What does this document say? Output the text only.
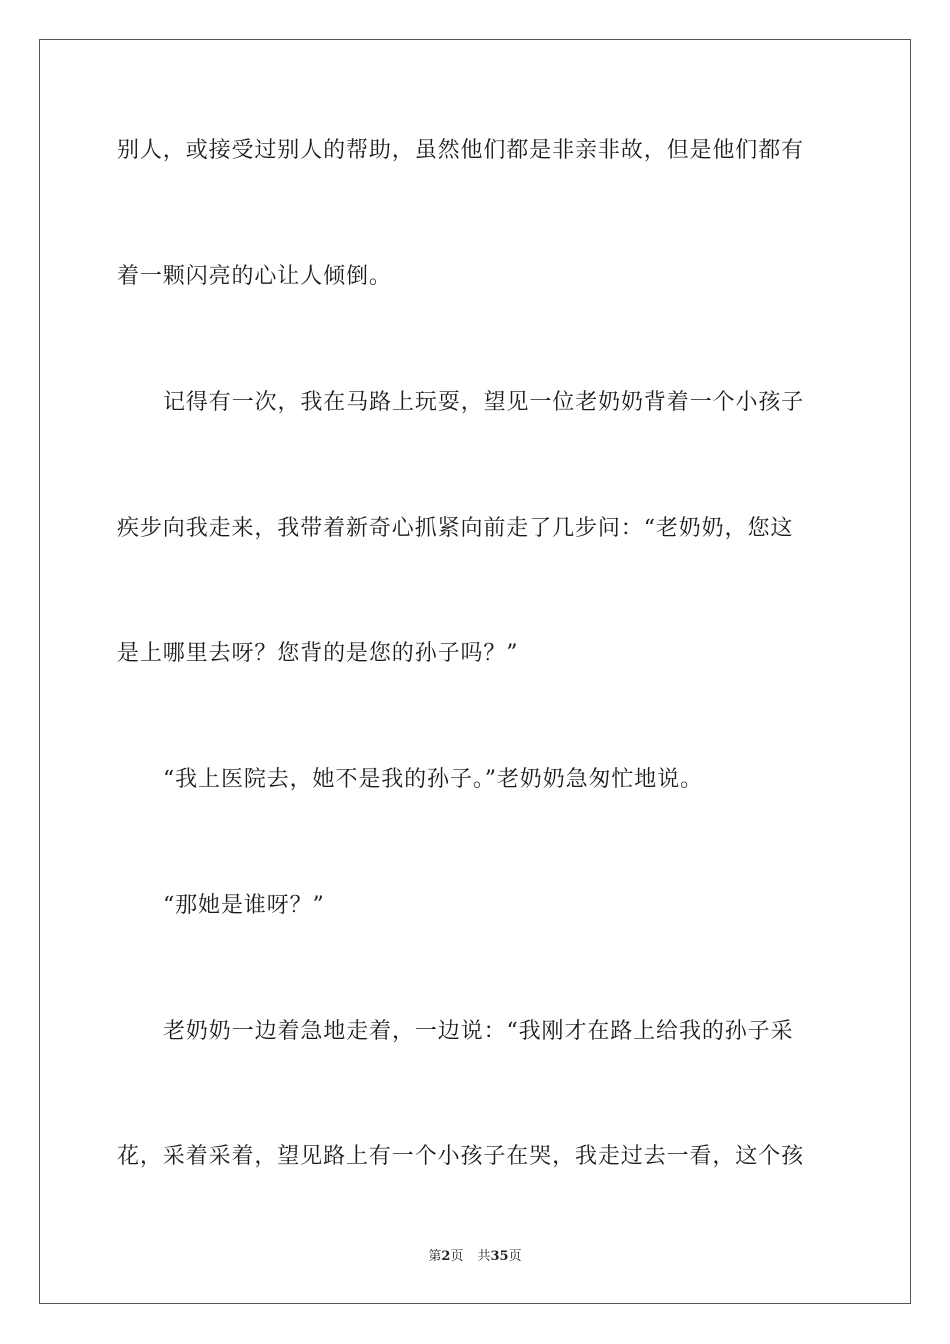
别人，或接受过别人的帮助，虽然他们都是非亲非故，但是他们都有
着一颗闪亮的心让人倾倒。
记得有一次，我在马路上玩耍，望见一位老奶奶背着一个小孩子
疾步向我走来，我带着新奇心抓紧向前走了几步问：“老奶奶，您这
是上哪里去呀？您背的是您的孙子吗？”
“我上医院去，她不是我的孙子。”老奶奶急匆忙地说。
“那她是谁呀？”
老奶奶一边着急地走着，一边说：“我刚才在路上给我的孙子采
花，采着采着，望见路上有一个小孩子在哭，我走过去一看，这个孩
第2页 共35页
